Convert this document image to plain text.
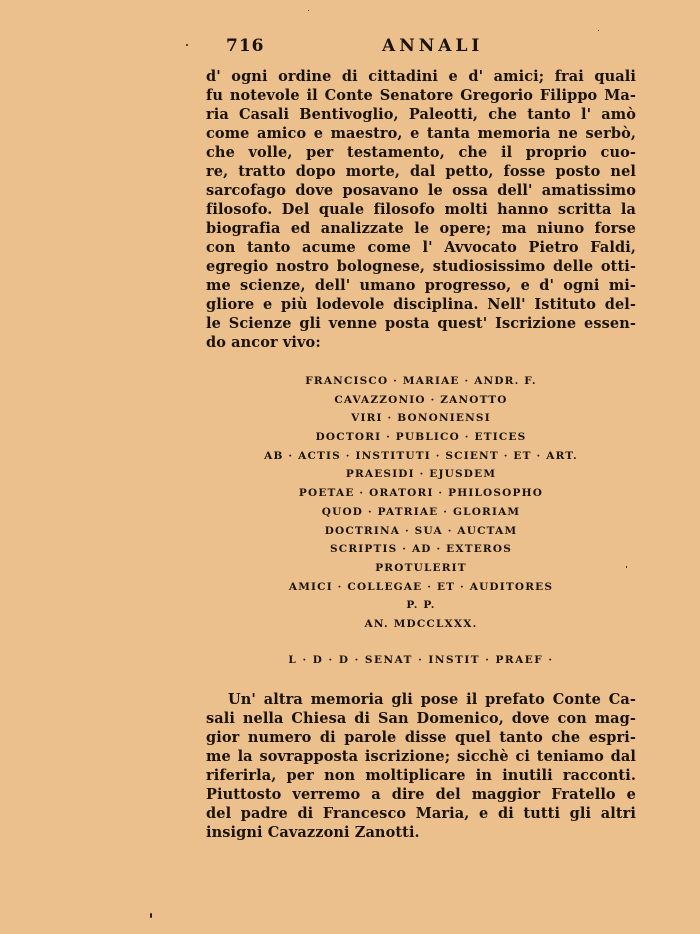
716	ANNALI
d' ogni ordine di cittadini e d' amici; frai quali
fu notevole il Conte Senatore Gregorio Filippo Ma-
ria Casali Bentivoglio, Paleotti, che tanto l' amò
come amico e maestro, e tanta memoria ne serbò,
che volle, per testamento, che il proprio cuo-
re, tratto dopo morte, dal petto, fosse posto nel
sarcofago dove posavano le ossa dell' amatissimo
filosofo. Del quale filosofo molti hanno scritta la
biografia ed analizzate le opere; ma niuno forse
con tanto acume come l' Avvocato Pietro Faldi,
egregio nostro bolognese, studiosissimo delle otti-
me scienze, dell' umano progresso, e d' ogni mi-
gliore e più lodevole disciplina. Nell' Istituto del-
le Scienze gli venne posta quest' Iscrizione essen-
do ancor vivo:
FRANCISCO · MARIAE · ANDR. F.
CAVAZZONIO · ZANOTTO
VIRI · BONONIENSI
DOCTORI · PUBLICO · ETICES
AB · ACTIS · INSTITUTI · SCIENT · ET · ART.
PRAESIDI · EJUSDEM
POETAE · ORATORI · PHILOSOPHO
QUOD · PATRIAE · GLORIAM
DOCTRINA · SUA · AUCTAM
SCRIPTIS · AD · EXTEROS
PROTULERIT
AMICI · COLLEGAE · ET · AUDITORES
P. P.
AN. MDCCLXXX.
L · D · D · SENAT · INSTIT · PRAEF ·
Un' altra memoria gli pose il prefato Conte Ca-
sali nella Chiesa di San Domenico, dove con mag-
gior numero di parole disse quel tanto che espri-
me la sovrapposta iscrizione; sicchè ci teniamo dal
riferirla, per non moltiplicare in inutili racconti.
Piuttosto verremo a dire del maggior Fratello e
del padre di Francesco Maria, e di tutti gli altri
insigni Cavazzoni Zanotti.
